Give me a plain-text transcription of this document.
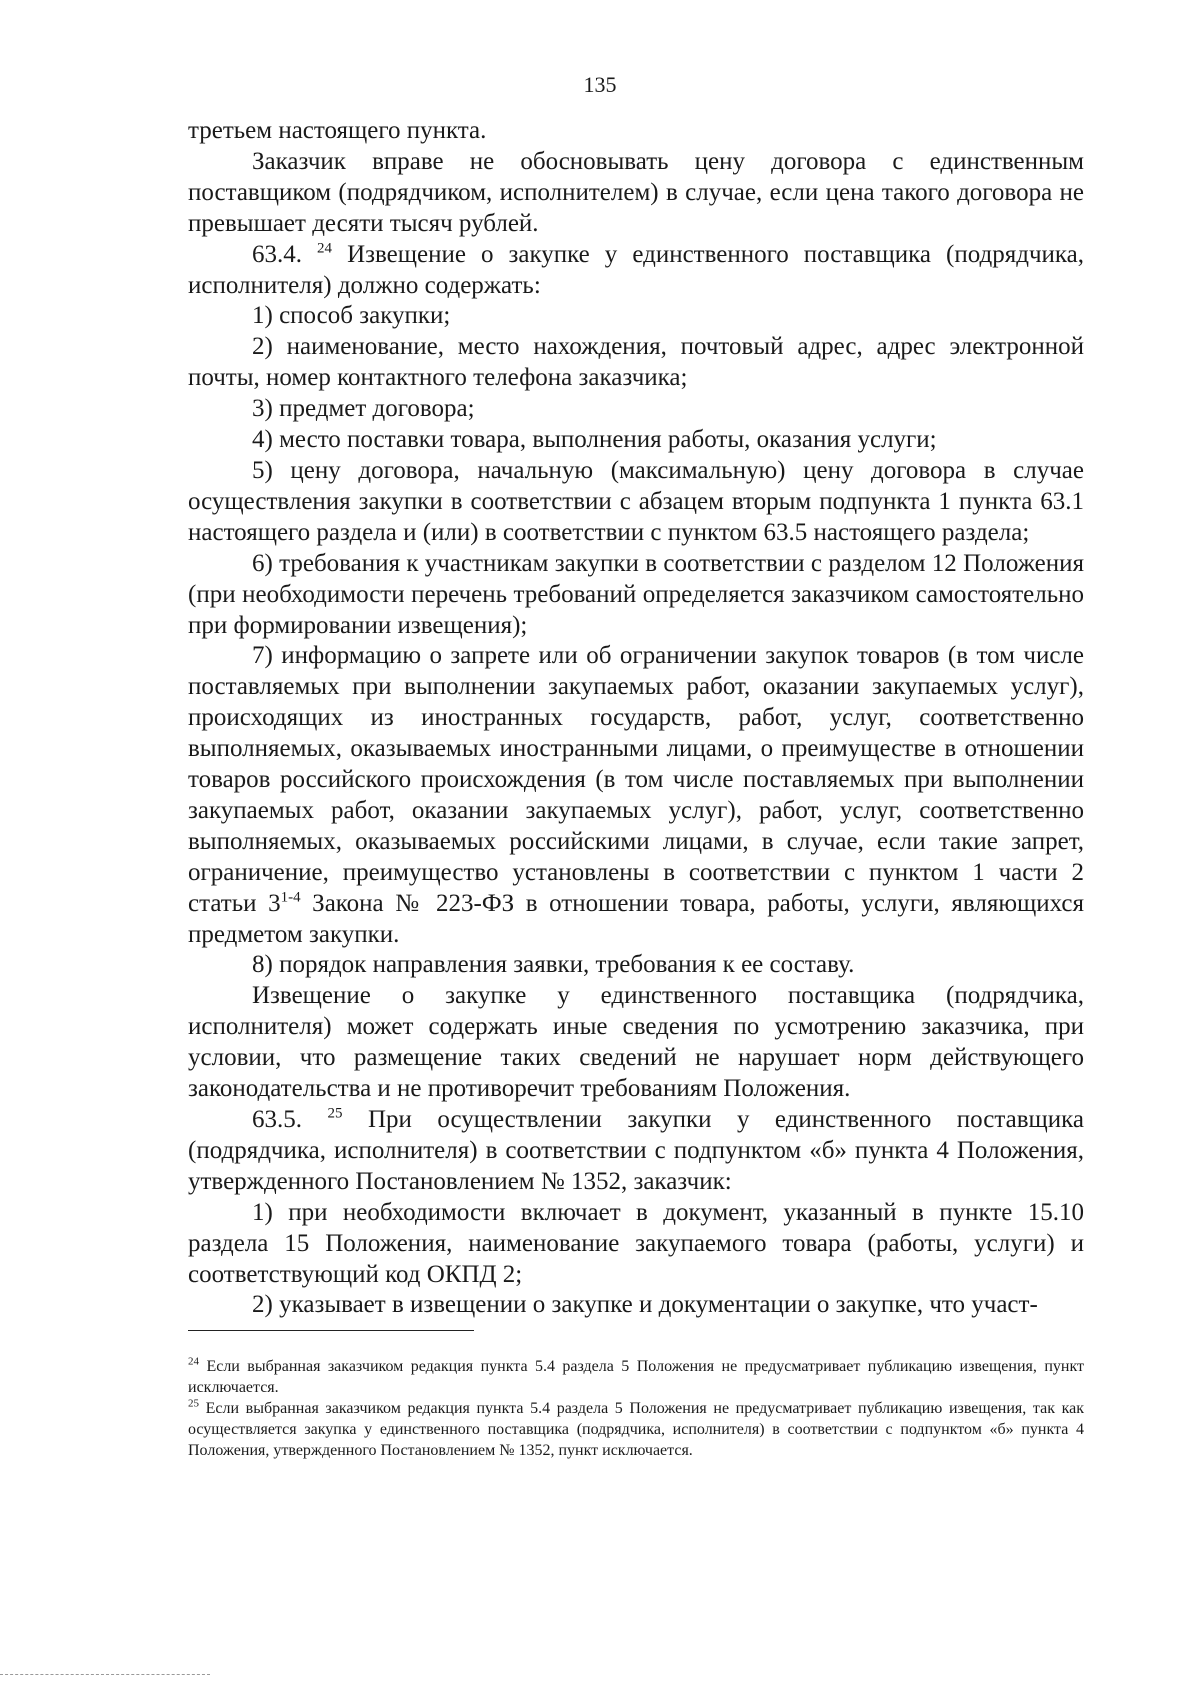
135

третьем настоящего пункта.

Заказчик вправе не обосновывать цену договора с единственным поставщиком (подрядчиком, исполнителем) в случае, если цена такого договора не превышает десяти тысяч рублей.

63.4. $^{24}$ Извещение о закупке у единственного поставщика (подрядчика, исполнителя) должно содержать:

1) способ закупки;

2) наименование, место нахождения, почтовый адрес, адрес электронной почты, номер контактного телефона заказчика;

3) предмет договора;

4) место поставки товара, выполнения работы, оказания услуги;

5) цену договора, начальную (максимальную) цену договора в случае осуществления закупки в соответствии с абзацем вторым подпункта 1 пункта 63.1 настоящего раздела и (или) в соответствии с пунктом 63.5 настоящего раздела;

6) требования к участникам закупки в соответствии с разделом 12 Положения (при необходимости перечень требований определяется заказчиком самостоятельно при формировании извещения);

7) информацию о запрете или об ограничении закупок товаров (в том числе поставляемых при выполнении закупаемых работ, оказании закупаемых услуг), происходящих из иностранных государств, работ, услуг, соответственно выполняемых, оказываемых иностранными лицами, о преимуществе в отношении товаров российского происхождения (в том числе поставляемых при выполнении закупаемых работ, оказании закупаемых услуг), работ, услуг, соответственно выполняемых, оказываемых российскими лицами, в случае, если такие запрет, ограничение, преимущество установлены в соответствии с пунктом 1 части 2 статьи 3$^{1-4}$ Закона № 223-ФЗ в отношении товара, работы, услуги, являющихся предметом закупки.

8) порядок направления заявки, требования к ее составу.

Извещение о закупке у единственного поставщика (подрядчика, исполнителя) может содержать иные сведения по усмотрению заказчика, при условии, что размещение таких сведений не нарушает норм действующего законодательства и не противоречит требованиям Положения.

63.5. $^{25}$ При осуществлении закупки у единственного поставщика (подрядчика, исполнителя) в соответствии с подпунктом «б» пункта 4 Положения, утвержденного Постановлением № 1352, заказчик:

1) при необходимости включает в документ, указанный в пункте 15.10 раздела 15 Положения, наименование закупаемого товара (работы, услуги) и соответствующий код ОКПД 2;

2) указывает в извещении о закупке и документации о закупке, что участ-

$^{24}$ Если выбранная заказчиком редакция пункта 5.4 раздела 5 Положения не предусматривает публикацию извещения, пункт исключается.

$^{25}$ Если выбранная заказчиком редакция пункта 5.4 раздела 5 Положения не предусматривает публикацию извещения, так как осуществляется закупка у единственного поставщика (подрядчика, исполнителя) в соответствии с подпунктом «б» пункта 4 Положения, утвержденного Постановлением № 1352, пункт исключается.
